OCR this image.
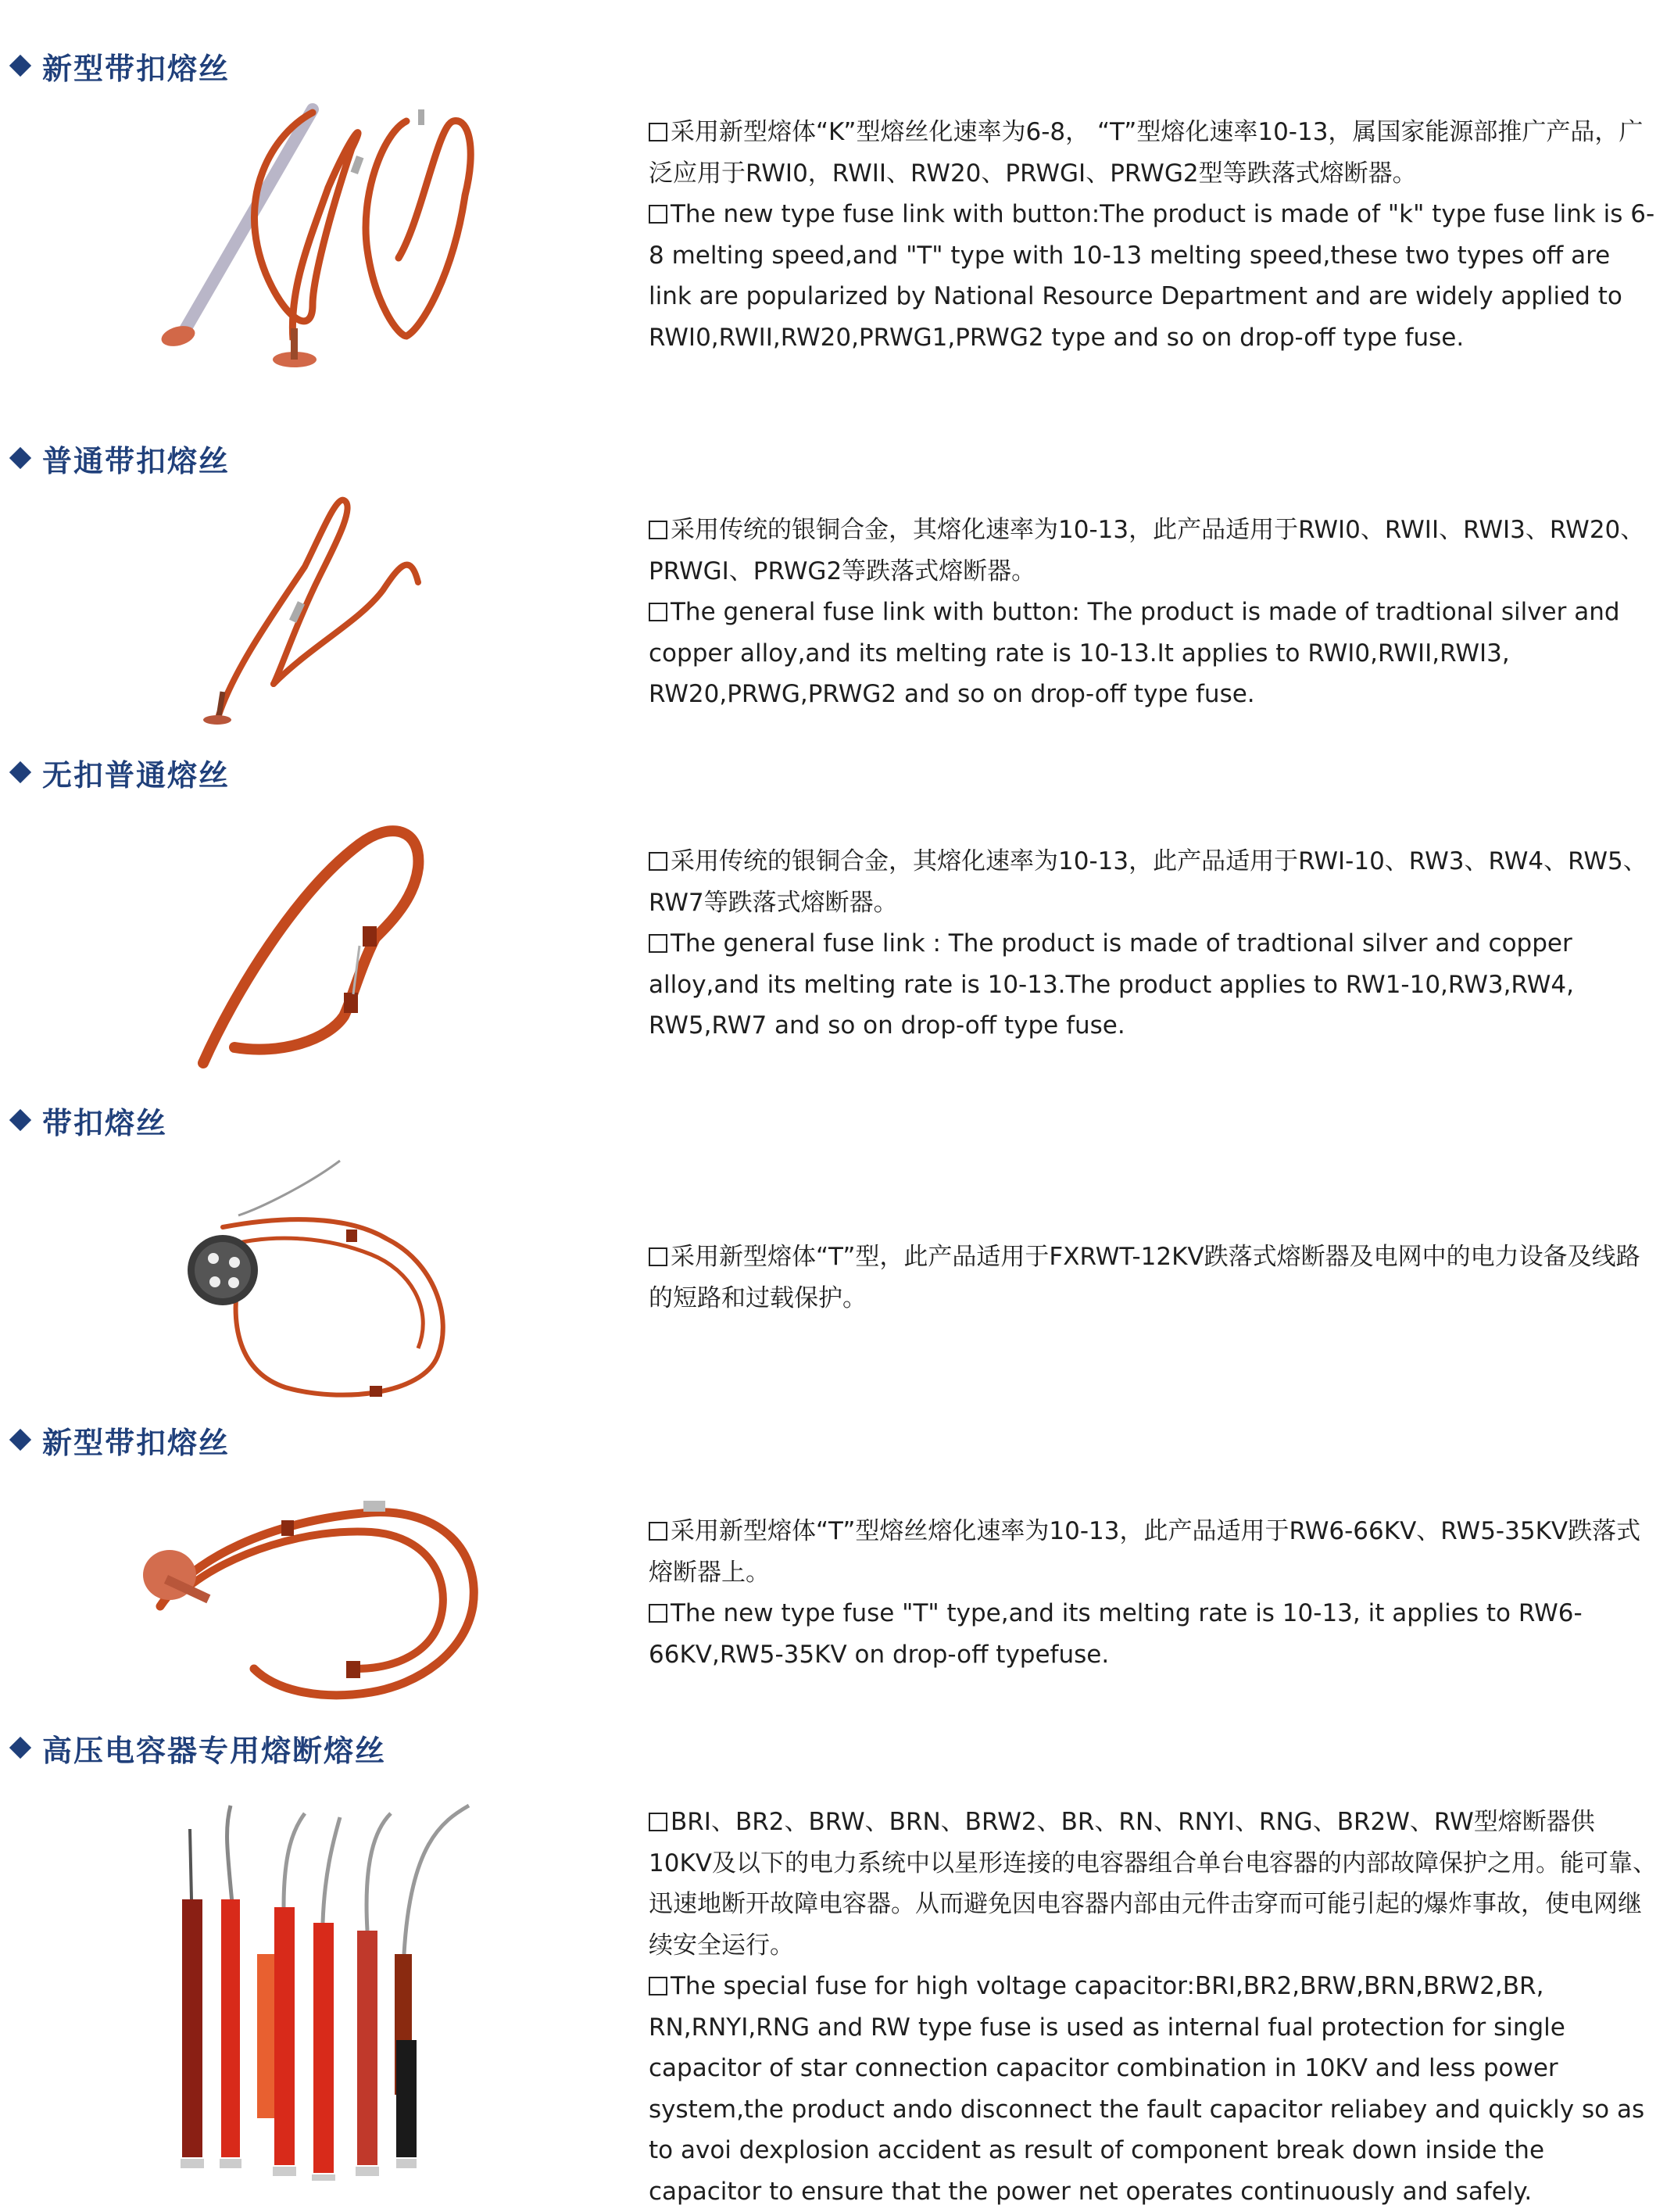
新型带扣熔丝

采用新型熔体“K”型熔丝化速率为6-8， “T”型熔化速率10-13，属国家能源部推广产品，广泛应用于RWI0，RWII、RW20、PRWGI、PRWG2型等跌落式熔断器。

The new type fuse link with button:The product is made of "k" type fuse link is 6-8 melting speed,and "T" type with 10-13 melting speed,these two types off are link are popularized by National Resource Department and are widely applied to RWI0,RWII,RW20,PRWG1,PRWG2 type and so on drop-off type fuse.

普通带扣熔丝

采用传统的银铜合金，其熔化速率为10-13，此产品适用于RWI0、RWII、RWI3、RW20、PRWGI、PRWG2等跌落式熔断器。

The general fuse link with button: The product is made of tradtional silver and copper alloy,and its melting rate is 10-13.It applies to RWI0,RWII,RWI3, RW20,PRWG,PRWG2 and so on drop-off type fuse.

无扣普通熔丝

采用传统的银铜合金，其熔化速率为10-13，此产品适用于RWI-10、RW3、RW4、RW5、RW7等跌落式熔断器。

The general fuse link : The product is made of tradtional silver and copper alloy,and its melting rate is 10-13.The product applies to RW1-10,RW3,RW4, RW5,RW7 and so on drop-off type fuse.

带扣熔丝

采用新型熔体“T”型，此产品适用于FXRWT-12KV跌落式熔断器及电网中的电力设备及线路的短路和过载保护。

新型带扣熔丝

采用新型熔体“T”型熔丝熔化速率为10-13，此产品适用于RW6-66KV、RW5-35KV跌落式熔断器上。

The new type fuse "T" type,and its melting rate is 10-13, it applies to RW6-66KV,RW5-35KV on drop-off typefuse.

高压电容器专用熔断熔丝

BRI、BR2、BRW、BRN、BRW2、BR、RN、RNYI、RNG、BR2W、RW型熔断器供10KV及以下的电力系统中以星形连接的电容器组合单台电容器的内部故障保护之用。能可靠、迅速地断开故障电容器。从而避免因电容器内部由元件击穿而可能引起的爆炸事故，使电网继续安全运行。

The special fuse for high voltage capacitor:BRI,BR2,BRW,BRN,BRW2,BR, RN,RNYI,RNG and RW type fuse is used as internal fual protection for single capacitor of star connection capacitor combination in 10KV and less power system,the product ando disconnect the fault capacitor reliabey and quickly so as to avoi dexplosion accident as result of component break down inside the capacitor to ensure that the power net operates continuously and safely.
